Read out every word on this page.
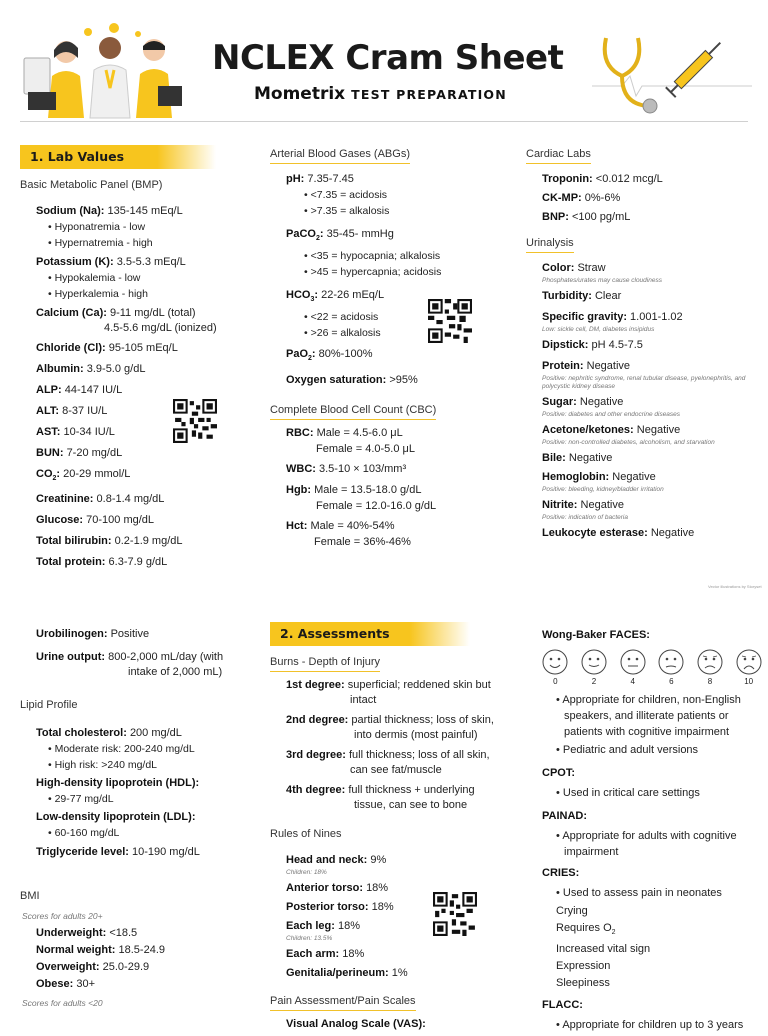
NCLEX Cram Sheet
Mometrix TEST PREPARATION
1. Lab Values
Basic Metabolic Panel (BMP)
Sodium (Na): 135-145 mEq/L
• Hyponatremia - low
• Hypernatremia - high
Potassium (K): 3.5-5.3 mEq/L
• Hypokalemia - low
• Hyperkalemia - high
Calcium (Ca): 9-11 mg/dL (total)
4.5-5.6 mg/dL (ionized)
Chloride (Cl): 95-105 mEq/L
Albumin: 3.9-5.0 g/dL
ALP: 44-147 IU/L
ALT: 8-37 IU/L
AST: 10-34 IU/L
BUN: 7-20 mg/dL
$CO_2$: 20-29 mmol/L
Creatinine: 0.8-1.4 mg/dL
Glucose: 70-100 mg/dL
Total bilirubin: 0.2-1.9 mg/dL
Total protein: 6.3-7.9 g/dL
Arterial Blood Gases (ABGs)
pH: 7.35-7.45
• <7.35 = acidosis
• >7.35 = alkalosis
PaCO$_2$: 35-45- mmHg
• <35 = hypocapnia; alkalosis
• >45 = hypercapnia; acidosis
$HCO_3$: 22-26 mEq/L
• <22 = acidosis
• >26 = alkalosis
PaO$_2$: 80%-100%
Oxygen saturation: >95%
Complete Blood Cell Count (CBC)
RBC: Male = 4.5-6.0 μL
Female = 4.0-5.0 μL
WBC: 3.5-10 × 103/mm³
Hgb: Male = 13.5-18.0 g/dL
Female = 12.0-16.0 g/dL
Hct: Male = 40%-54%
Female = 36%-46%
Cardiac Labs
Troponin: <0.012 mcg/L
CK-MP: 0%-6%
BNP: <100 pg/mL
Urinalysis
Color: Straw
Phosphates/urates may cause cloudiness
Turbidity: Clear
Specific gravity: 1.001-1.02
Low: sickle cell, DM, diabetes insipidus
Dipstick: pH 4.5-7.5
Protein: Negative
Positive: nephritic syndrome, renal tubular disease, pyelonephritis, and polycystic kidney disease
Sugar: Negative
Positive: diabetes and other endocrine diseases
Acetone/ketones: Negative
Positive: non-controlled diabetes, alcoholism, and starvation
Bile: Negative
Hemoglobin: Negative
Positive: bleeding, kidney/bladder irritation
Nitrite: Negative
Positive: indication of bacteria
Leukocyte esterase: Negative
Vector illustrations by Storyset
Urobilinogen: Positive
Urine output: 800-2,000 mL/day (with
intake of 2,000 mL)
Lipid Profile
Total cholesterol: 200 mg/dL
• Moderate risk: 200-240 mg/dL
• High risk: >240 mg/dL
High-density lipoprotein (HDL):
• 29-77 mg/dL
Low-density lipoprotein (LDL):
• 60-160 mg/dL
Triglyceride level: 10-190 mg/dL
BMI
Scores for adults 20+
Underweight: <18.5
Normal weight: 18.5-24.9
Overweight: 25.0-29.9
Obese: 30+
Scores for adults <20
2. Assessments
Burns - Depth of Injury
1st degree: superficial; reddened skin but
intact
2nd degree: partial thickness; loss of skin,
into dermis (most painful)
3rd degree: full thickness; loss of all skin,
can see fat/muscle
4th degree: full thickness + underlying
tissue, can see to bone
Rules of Nines
Head and neck: 9%
Children: 18%
Anterior torso: 18%
Posterior torso: 18%
Each leg: 18%
Children: 13.5%
Each arm: 18%
Genitalia/perineum: 1%
Pain Assessment/Pain Scales
Visual Analog Scale (VAS):
Wong-Baker FACES:
0	2	4	6	8	10
• Appropriate for children, non-English
speakers, and illiterate patients or
patients with cognitive impairment
• Pediatric and adult versions
CPOT:
• Used in critical care settings
PAINAD:
• Appropriate for adults with cognitive
impairment
CRIES:
• Used to assess pain in neonates
Crying
Requires $O_2$
Increased vital sign
Expression
Sleepiness
FLACC:
• Appropriate for children up to 3 years
